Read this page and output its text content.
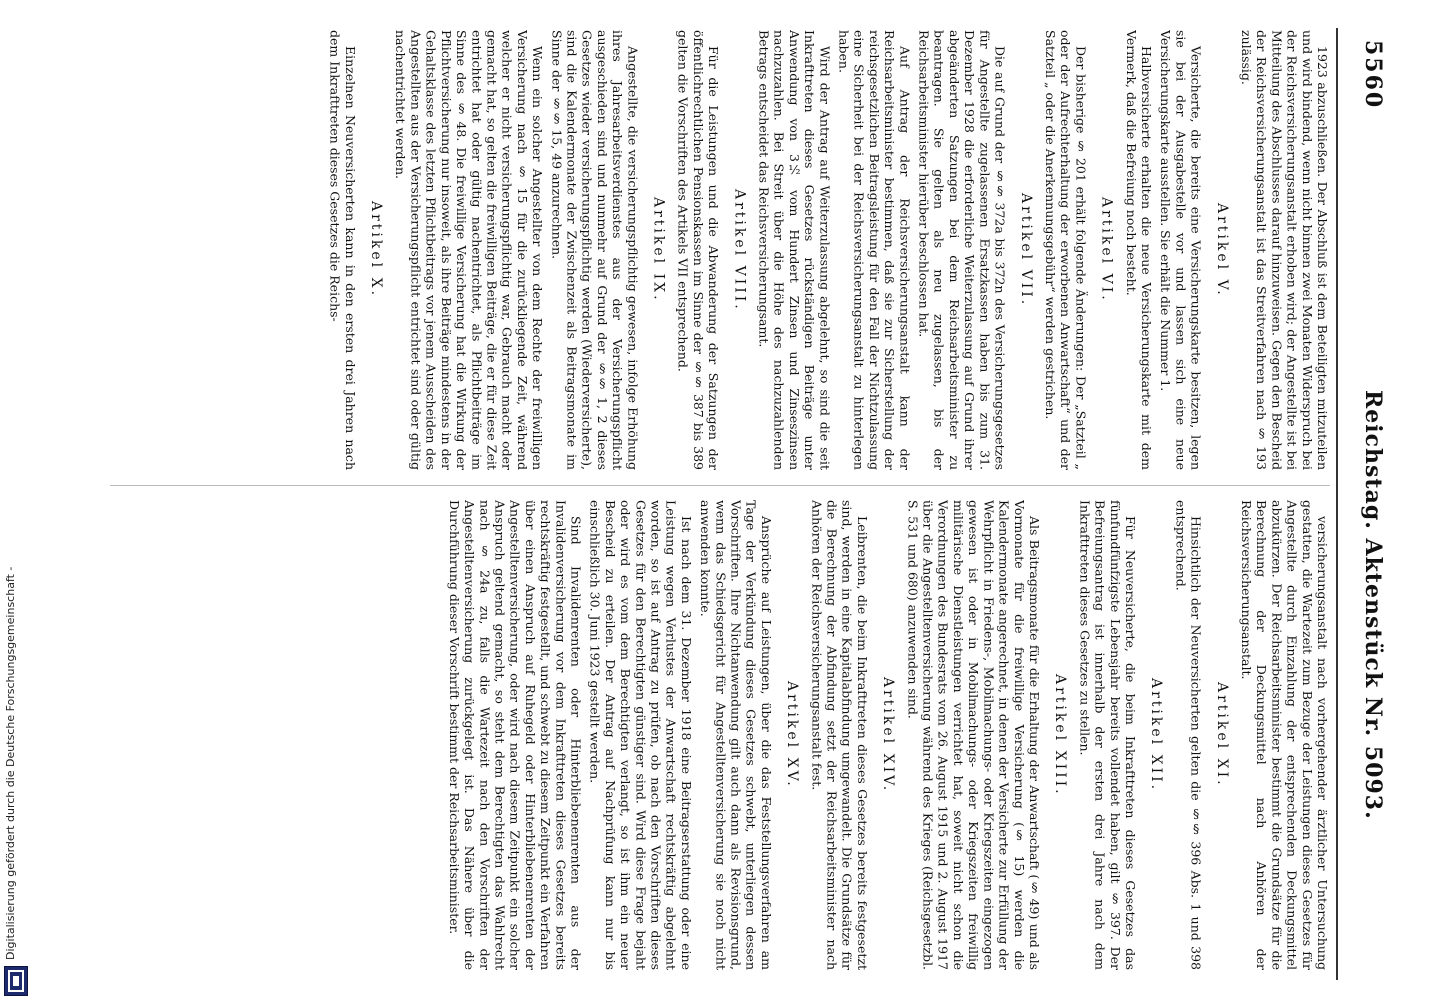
5560
Reichstag. Aktenstück Nr. 5093.

1923 abzuschließen. Der Abschluß ist dem Beteiligten mitzuteilen und wird bindend, wenn nicht binnen zwei Monaten Widerspruch bei der Reichsversicherungsanstalt erhoben wird; der Angestellte ist bei Mitteilung des Abschlusses darauf hinzuweisen. Gegen den Bescheid der Reichsversicherungsanstalt ist das Streitverfahren nach § 193 zulässig.

Artikel V.

Versicherte, die bereits eine Versicherungskarte besitzen, legen sie bei der Ausgabestelle vor und lassen sich eine neue Versicherungskarte ausstellen. Sie erhält die Nummer 1.

Halbversicherte erhalten die neue Versicherungskarte mit dem Vermerk, daß die Befreiung noch besteht.

Artikel VI.

Der bisherige § 201 erhält folgende Änderungen: Der „Satzteil „ oder der Aufrechterhaltung der erworbenen Anwartschaft“ und der Satzteil „ oder die Anerkennungsgebühr“ werden gestrichen.

Artikel VII.

Die auf Grund der §§ 372a bis 372n des Versicherungsgesetzes für Angestellte zugelassenen Ersatzkassen haben bis zum 31. Dezember 1928 die erforderliche Weiterzulassung auf Grund ihrer abgeänderten Satzungen bei dem Reichsarbeitsminister zu beantragen. Sie gelten als neu zugelassen, bis der Reichsarbeitsminister hierüber beschlossen hat.

Auf Antrag der Reichsversicherungsanstalt kann der Reichsarbeitsminister bestimmen, daß sie zur Sicherstellung der reichsgesetzlichen Beitragsleistung für den Fall der Nichtzulassung eine Sicherheit bei der Reichsversicherungsanstalt zu hinterlegen haben.

Wird der Antrag auf Weiterzulassung abgelehnt, so sind die seit Inkrafttreten dieses Gesetzes rückständigen Beiträge unter Anwendung von 3½ vom Hundert Zinsen und Zinseszinsen nachzuzahlen. Bei Streit über die Höhe des nachzuzahlenden Betrags entscheidet das Reichsversicherungsamt.

Artikel VIII.

Für die Leistungen und die Abwanderung der Satzungen der öffentlichrechtlichen Pensionskassen im Sinne der §§ 387 bis 389 gelten die Vorschriften des Artikels VII entsprechend.

Artikel IX.

Angestellte, die versicherungspflichtig gewesen, infolge Erhöhung ihres Jahresarbeitsverdienstes aus der Versicherungspflicht ausgeschieden sind und nunmehr auf Grund der §§ 1, 2 dieses Gesetzes wieder versicherungspflichtig werden (Wiederversicherte), sind die Kalendermonate der Zwischenzeit als Beitragsmonate im Sinne der §§ 15, 49 anzurechnen.

Wenn ein solcher Angestellter von dem Rechte der freiwilligen Versicherung nach § 15 für die zurückliegende Zeit, während welcher er nicht versicherungspflichtig war, Gebrauch macht oder gemacht hat, so gelten die freiwilligen Beiträge, die er für diese Zeit entrichtet hat oder gültig nachentrichtet, als Pflichtbeiträge im Sinne des § 48. Die freiwillige Versicherung hat die Wirkung der Pflichtversicherung nur insoweit, als ihre Beiträge mindestens in der Gehaltsklasse des letzten Pflichtbeitrags vor jenem Ausscheiden des Angestellten aus der Versicherungspflicht entrichtet sind oder gültig nachentrichtet werden.

Artikel X.

Einzelnen Neuversicherten kann in den ersten drei Jahren nach dem Inkrafttreten dieses Gesetzes die Reichs-

versicherungsanstalt nach vorhergehender ärztlicher Untersuchung gestatten, die Wartezeit zum Bezuge der Leistungen dieses Gesetzes für Angestellte durch Einzahlung der entsprechenden Deckungsmittel abzukürzen. Der Reichsarbeitsminister bestimmt die Grundsätze für die Berechnung der Deckungsmittel nach Anhören der Reichsversicherungsanstalt.

Artikel XI.

Hinsichtlich der Neuversicherten gelten die §§ 396 Abs. 1 und 398 entsprechend.

Artikel XII.

Für Neuversicherte, die beim Inkrafttreten dieses Gesetzes das fünfundfünfzigste Lebensjahr bereits vollendet haben, gilt § 397. Der Befreiungsantrag ist innerhalb der ersten drei Jahre nach dem Inkrafttreten dieses Gesetzes zu stellen.

Artikel XIII.

Als Beitragsmonate für die Erhaltung der Anwartschaft (§ 49) und als Vormonate für die freiwillige Versicherung (§ 15) werden die Kalendermonate angerechnet, in denen der Versicherte zur Erfüllung der Wehrpflicht in Friedens-, Mobilmachungs- oder Kriegszeiten eingezogen gewesen ist oder in Mobilmachungs- oder Kriegszeiten freiwillig militärische Dienstleistungen verrichtet hat, soweit nicht schon die Verordnungen des Bundesrats vom 26. August 1915 und 2. August 1917 über die Angestelltenversicherung während des Krieges (Reichsgesetzbl. S. 531 und 680) anzuwenden sind.

Artikel XIV.

Leibrenten, die beim Inkrafttreten dieses Gesetzes bereits festgesetzt sind, werden in eine Kapitalabfindung umgewandelt. Die Grundsätze für die Berechnung der Abfindung setzt der Reichsarbeitsminister nach Anhören der Reichsversicherungsanstalt fest.

Artikel XV.

Ansprüche auf Leistungen, über die das Feststellungsverfahren am Tage der Verkündung dieses Gesetzes schwebt, unterliegen dessen Vorschriften. Ihre Nichtanwendung gilt auch dann als Revisionsgrund, wenn das Schiedsgericht für Angestelltenversicherung sie noch nicht anwenden konnte.

Ist nach dem 31. Dezember 1918 eine Beitragserstattung oder eine Leistung wegen Verlustes der Anwartschaft rechtskräftig abgelehnt worden, so ist auf Antrag zu prüfen, ob nach den Vorschriften dieses Gesetzes für den Berechtigten günstiger sind. Wird diese Frage bejaht oder wird es vom dem Berechtigten verlangt, so ist ihm ein neuer Bescheid zu erteilen. Der Antrag auf Nachprüfung kann nur bis einschließlich 30. Juni 1923 gestellt werden.

Sind Invalidenrenten oder Hinterbliebenenrenten aus der Invalidenversicherung vor dem Inkrafttreten dieses Gesetzes bereits rechtskräftig festgestellt, und schwebt zu diesem Zeitpunkt ein Verfahren über einen Anspruch auf Ruhegeld oder Hinterbliebenenrenten der Angestelltenversicherung, oder wird nach diesem Zeitpunkt ein solcher Anspruch geltend gemacht, so steht dem Berechtigten das Wahlrecht nach § 24a zu, falls die Wartezeit nach den Vorschriften der Angestelltenversicherung zurückgelegt ist. Das Nähere über die Durchführung dieser Vorschrift bestimmt der Reichsarbeitsminister.

Digitalisierung gefördert durch die Deutsche Forschungsgemeinschaft -
